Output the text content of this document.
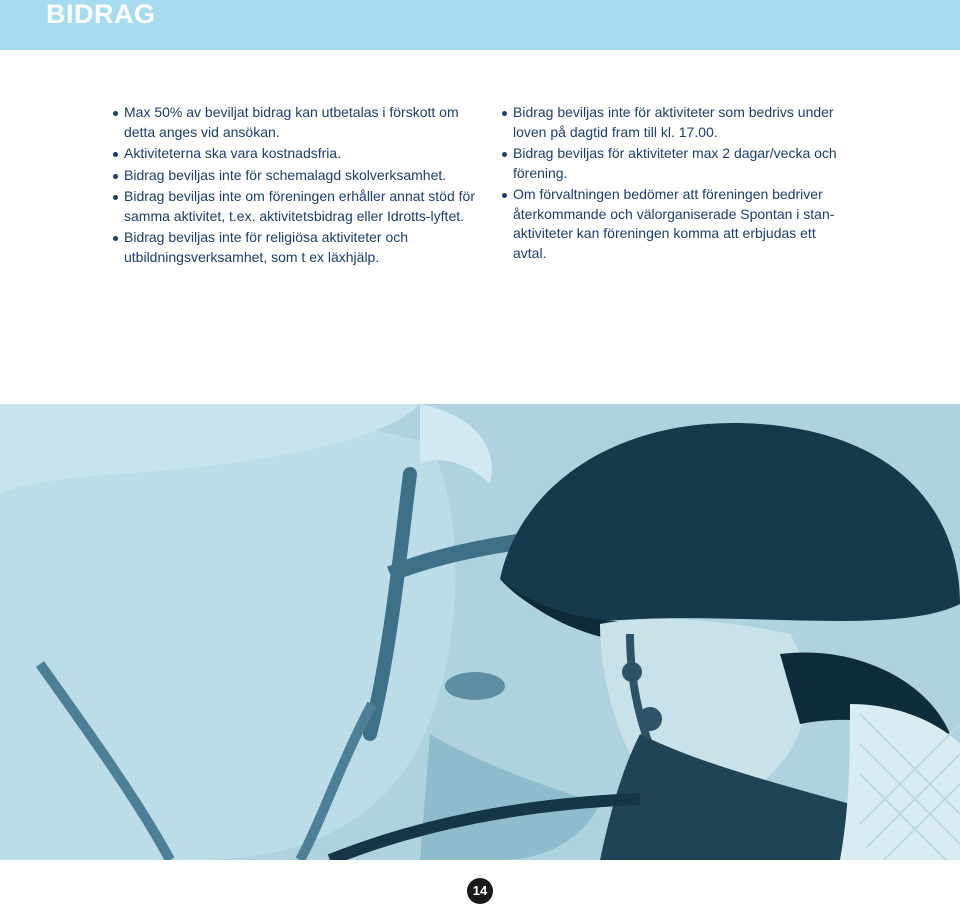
BIDRAG
Max 50% av beviljat bidrag kan utbetalas i förskott om detta anges vid ansökan.
Aktiviteterna ska vara kostnadsfria.
Bidrag beviljas inte för schemalagd skolverksamhet.
Bidrag beviljas inte om föreningen erhåller annat stöd för samma aktivitet, t.ex. aktivitetsbidrag eller Idrotts-lyftet.
Bidrag beviljas inte för religiösa aktiviteter och utbildningsverksamhet, som t ex läxhjälp.
Bidrag beviljas inte för aktiviteter som bedrivs under loven på dagtid fram till kl. 17.00.
Bidrag beviljas för aktiviteter max 2 dagar/vecka och förening.
Om förvaltningen bedömer att föreningen bedriver återkommande och välorganiserade Spontan i stan-aktiviteter kan föreningen komma att erbjudas ett avtal.
14
